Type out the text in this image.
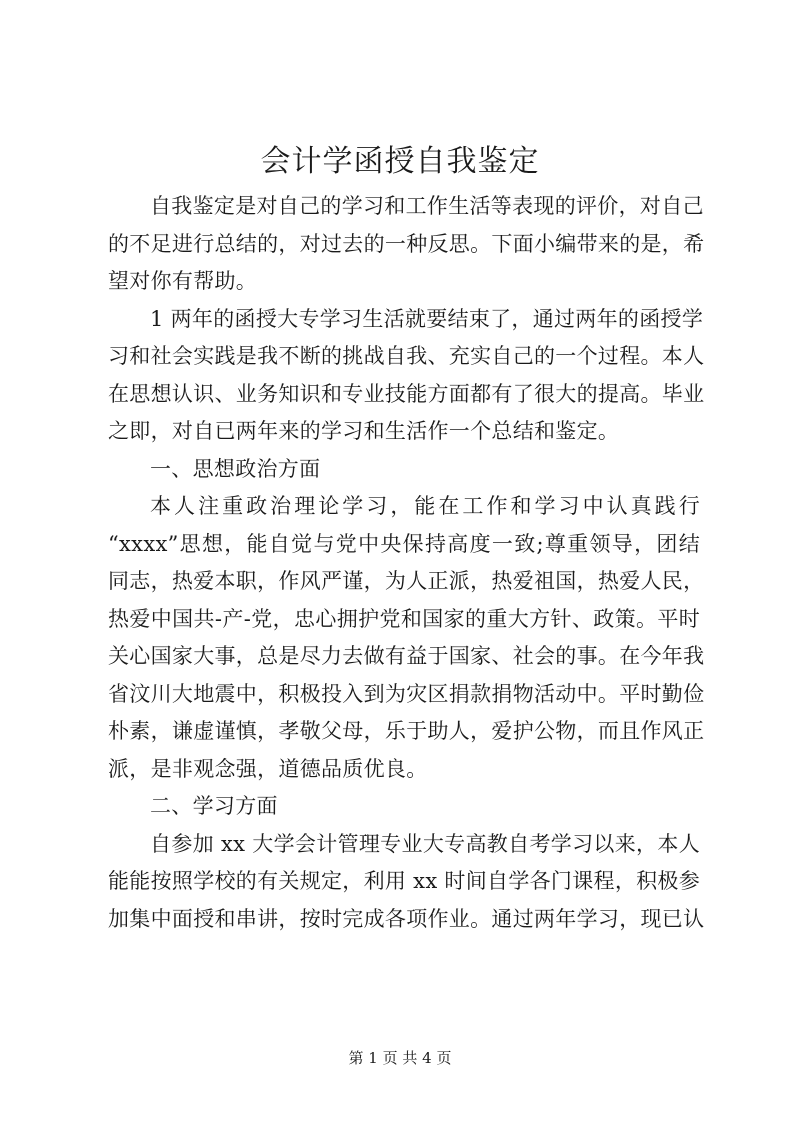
会计学函授自我鉴定
自我鉴定是对自己的学习和工作生活等表现的评价，对自己
的不足进行总结的，对过去的一种反思。下面小编带来的是，希
望对你有帮助。
1 两年的函授大专学习生活就要结束了，通过两年的函授学
习和社会实践是我不断的挑战自我、充实自己的一个过程。本人
在思想认识、业务知识和专业技能方面都有了很大的提高。毕业
之即，对自已两年来的学习和生活作一个总结和鉴定。
一、思想政治方面
本人注重政治理论学习，能在工作和学习中认真践行
“xxxx”思想，能自觉与党中央保持高度一致;尊重领导，团结
同志，热爱本职，作风严谨，为人正派，热爱祖国，热爱人民，
热爱中国共-产-党，忠心拥护党和国家的重大方针、政策。平时
关心国家大事，总是尽力去做有益于国家、社会的事。在今年我
省汶川大地震中，积极投入到为灾区捐款捐物活动中。平时勤俭
朴素，谦虚谨慎，孝敬父母，乐于助人，爱护公物，而且作风正
派，是非观念强，道德品质优良。
二、学习方面
自参加 xx 大学会计管理专业大专高教自考学习以来，本人
能能按照学校的有关规定，利用 xx 时间自学各门课程，积极参
加集中面授和串讲，按时完成各项作业。通过两年学习，现已认
第 1 页 共 4 页
